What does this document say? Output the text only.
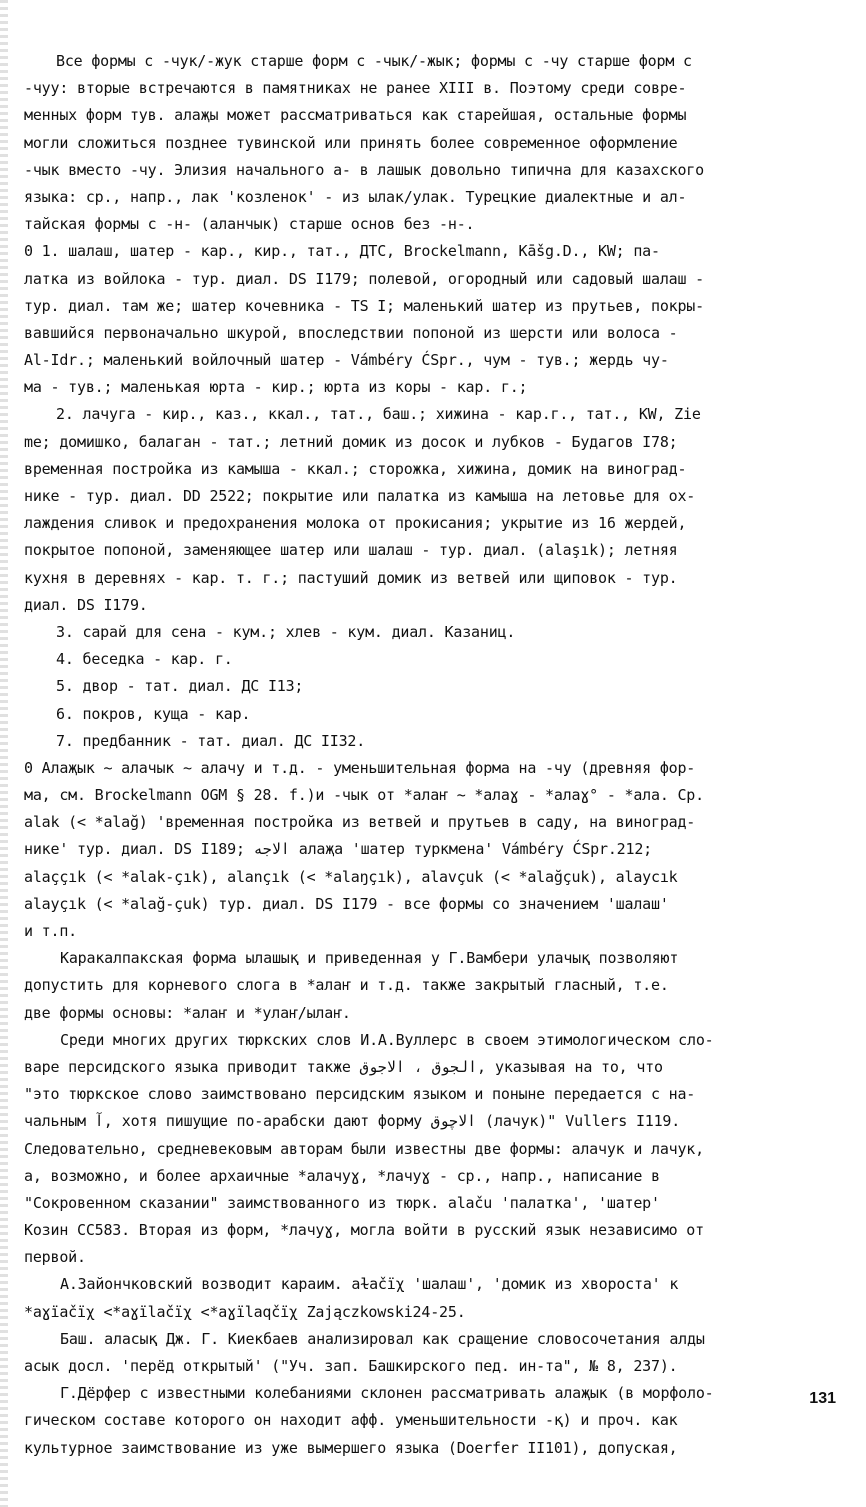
Все формы с -чук/-жук старше форм с -чык/-жык; формы с -чу старше форм с
-чуу: вторые встречаются в памятниках не ранее XIII в. Поэтому среди совре-
менных форм тув. алаҗы может рассматриваться как старейшая, остальные формы
могли сложиться позднее тувинской или принять более современное оформление
-чык вместо -чу. Элизия начального а- в лашык довольно типична для казахского
языка: ср., напр., лак 'козленок' - из ылак/улак. Турецкие диалектные и ал-
тайская формы с -н- (аланчык) старше основ без -н-.
0 1. шалаш, шатер - кар., кир., тат., ДТС, Brockelmann, Kāšg.D., KW; па-
латка из войлока - тур. диал. DS I179; полевой, огородный или садовый шалаш -
тур. диал. там же; шатер кочевника - TS I; маленький шатер из прутьев, покры-
вавшийся первоначально шкурой, впоследствии попоной из шерсти или волоса -
Al-Idr.; маленький войлочный шатер - Vámbéry ĆSpr., чум - тув.; жердь чу-
ма - тув.; маленькая юрта - кир.; юрта из коры - кар. г.;
2. лачуга - кир., каз., ккал., тат., баш.; хижина - кар.г., тат., KW, Zie
me; домишко, балаган - тат.; летний домик из досок и лубков - Будагов I78;
временная постройка из камыша - ккал.; сторожка, хижина, домик на виноград-
нике - тур. диал. DD 2522; покрытие или палатка из камыша на летовье для ох-
лаждения сливок и предохранения молока от прокисания; укрытие из 16 жердей,
покрытое попоной, заменяющее шатер или шалаш - тур. диал. (alaşık); летняя
кухня в деревнях - кар. т. г.; пастуший домик из ветвей или щиповок - тур.
диал. DS I179.
3. сарай для сена - кум.; хлев - кум. диал. Казаниц.
4. беседка - кар. г.
5. двор - тат. диал. ДС I13;
6. покров, куща - кар.
7. предбанник - тат. диал. ДС II32.
0 Алаҗык ~ алачык ~ алачу и т.д. - уменьшительная форма на -чу (древняя фор-
ма, см. Brockelmann OGM § 28. f.)и -чык от *алаҥ ~ *алаɣ - *алаɣ° - *ала. Ср.
alak (< *alağ) 'временная постройка из ветвей и прутьев в саду, на виноград-
нике' тур. диал. DS I189; الاجه алаҗа 'шатер туркмена' Vámbéry ĆSpr.212;
alaççık (< *alak-çık), alançık (< *alaŋçık), alavçuk (< *alağçuk), alaycık
alayçık (< *alağ-çuk) тур. диал. DS I179 - все формы со значением 'шалаш'
и т.п.
Каракалпакская форма ылашық и приведенная у Г.Вамбери улачық позволяют
допустить для корневого слога в *алаҥ и т.д. также закрытый гласный, т.е.
две формы основы: *алаҥ и *улаҥ/ылаҥ.
Среди многих других тюркских слов И.А.Вуллерс в своем этимологическом сло-
варе персидского языка приводит также الجوق ، الاجوق, указывая на то, что
"это тюркское слово заимствовано персидским языком и поныне передается с на-
чальным آ, хотя пишущие по-арабски дают форму الاچوق (лачук)" Vullers I119.
Следовательно, средневековым авторам были известны две формы: алачук и лачук,
а, возможно, и более архаичные *алачуɣ, *лачуɣ - ср., напр., написание в
"Сокровенном сказании" заимствованного из тюрк. alaču 'палатка', 'шатер'
Козин СС583. Вторая из форм, *лачуɣ, могла войти в русский язык независимо от
первой.
А.Зайончковский возводит караим. aɫačïχ 'шалаш', 'домик из хвороста' к
*aɣïačïχ <*aɣïlačïχ <*aɣïlaqčïχ Zajączkowski24-25.
Баш. аласық Дж. Г. Киекбаев анализировал как сращение словосочетания алды
асык досл. 'перёд открытый' ("Уч. зап. Башкирского пед. ин-та", № 8, 237).
Г.Дёрфер с известными колебаниями склонен рассматривать алаҗык (в морфоло-
гическом составе которого он находит афф. уменьшительности -қ) и проч. как
культурное заимствование из уже вымершего языка (Doerfer II101), допуская,
131
